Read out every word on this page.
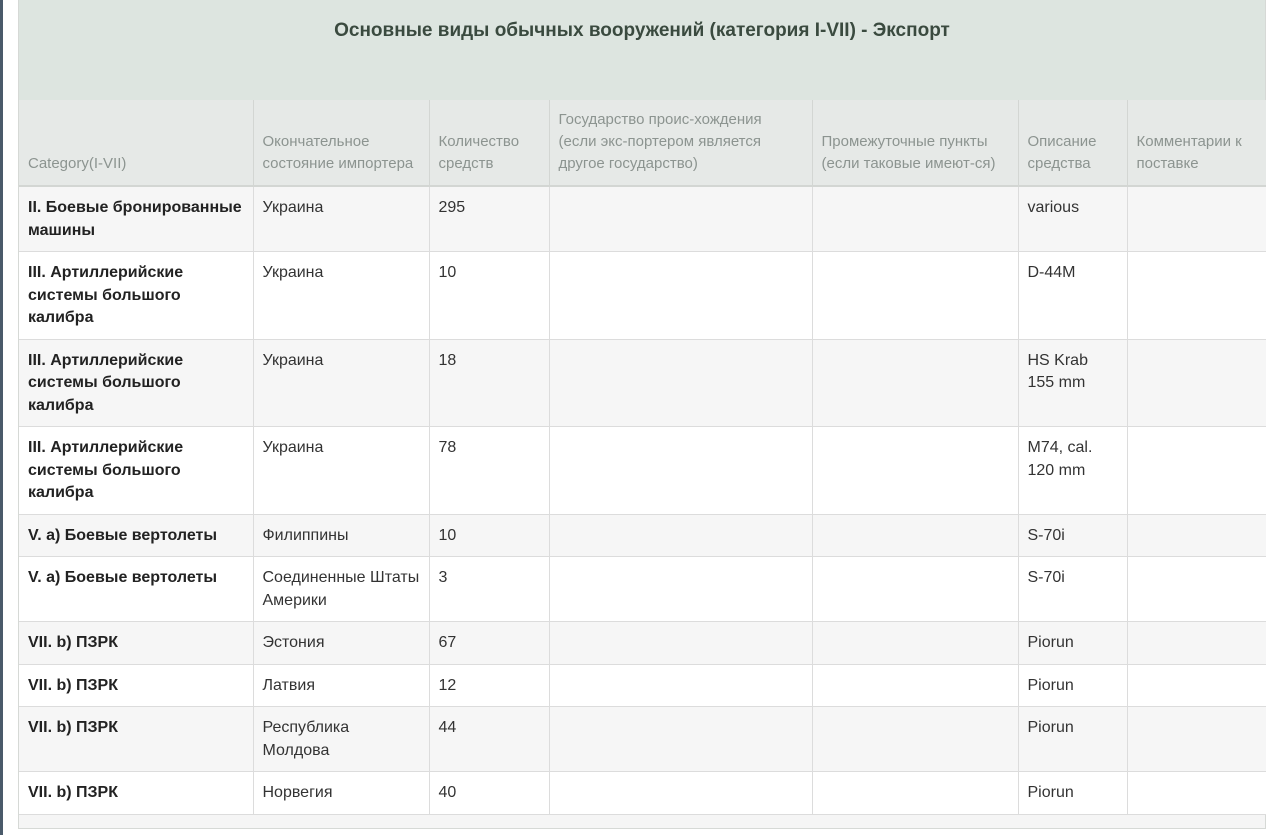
Основные виды обычных вооружений (категория I-VII) - Экспорт
Category(I-VII)	Окончательное состояние импортера	Количество средств	Государство проис-хождения (если экс-портером является другое государство)	Промежуточные пункты (если таковые имеют-ся)	Описание средства	Комментарии к поставке
II. Боевые бронированные машины	Украина	295			various	
III. Артиллерийские системы большого калибра	Украина	10			D-44M	
III. Артиллерийские системы большого калибра	Украина	18			HS Krab 155 mm	
III. Артиллерийские системы большого калибра	Украина	78			M74, cal. 120 mm	
V. a) Боевые вертолеты	Филиппины	10			S-70i	
V. a) Боевые вертолеты	Соединенные Штаты Америки	3			S-70i	
VII. b) ПЗРК	Эстония	67			Piorun	
VII. b) ПЗРК	Латвия	12			Piorun	
VII. b) ПЗРК	Республика Молдова	44			Piorun	
VII. b) ПЗРК	Норвегия	40			Piorun	
